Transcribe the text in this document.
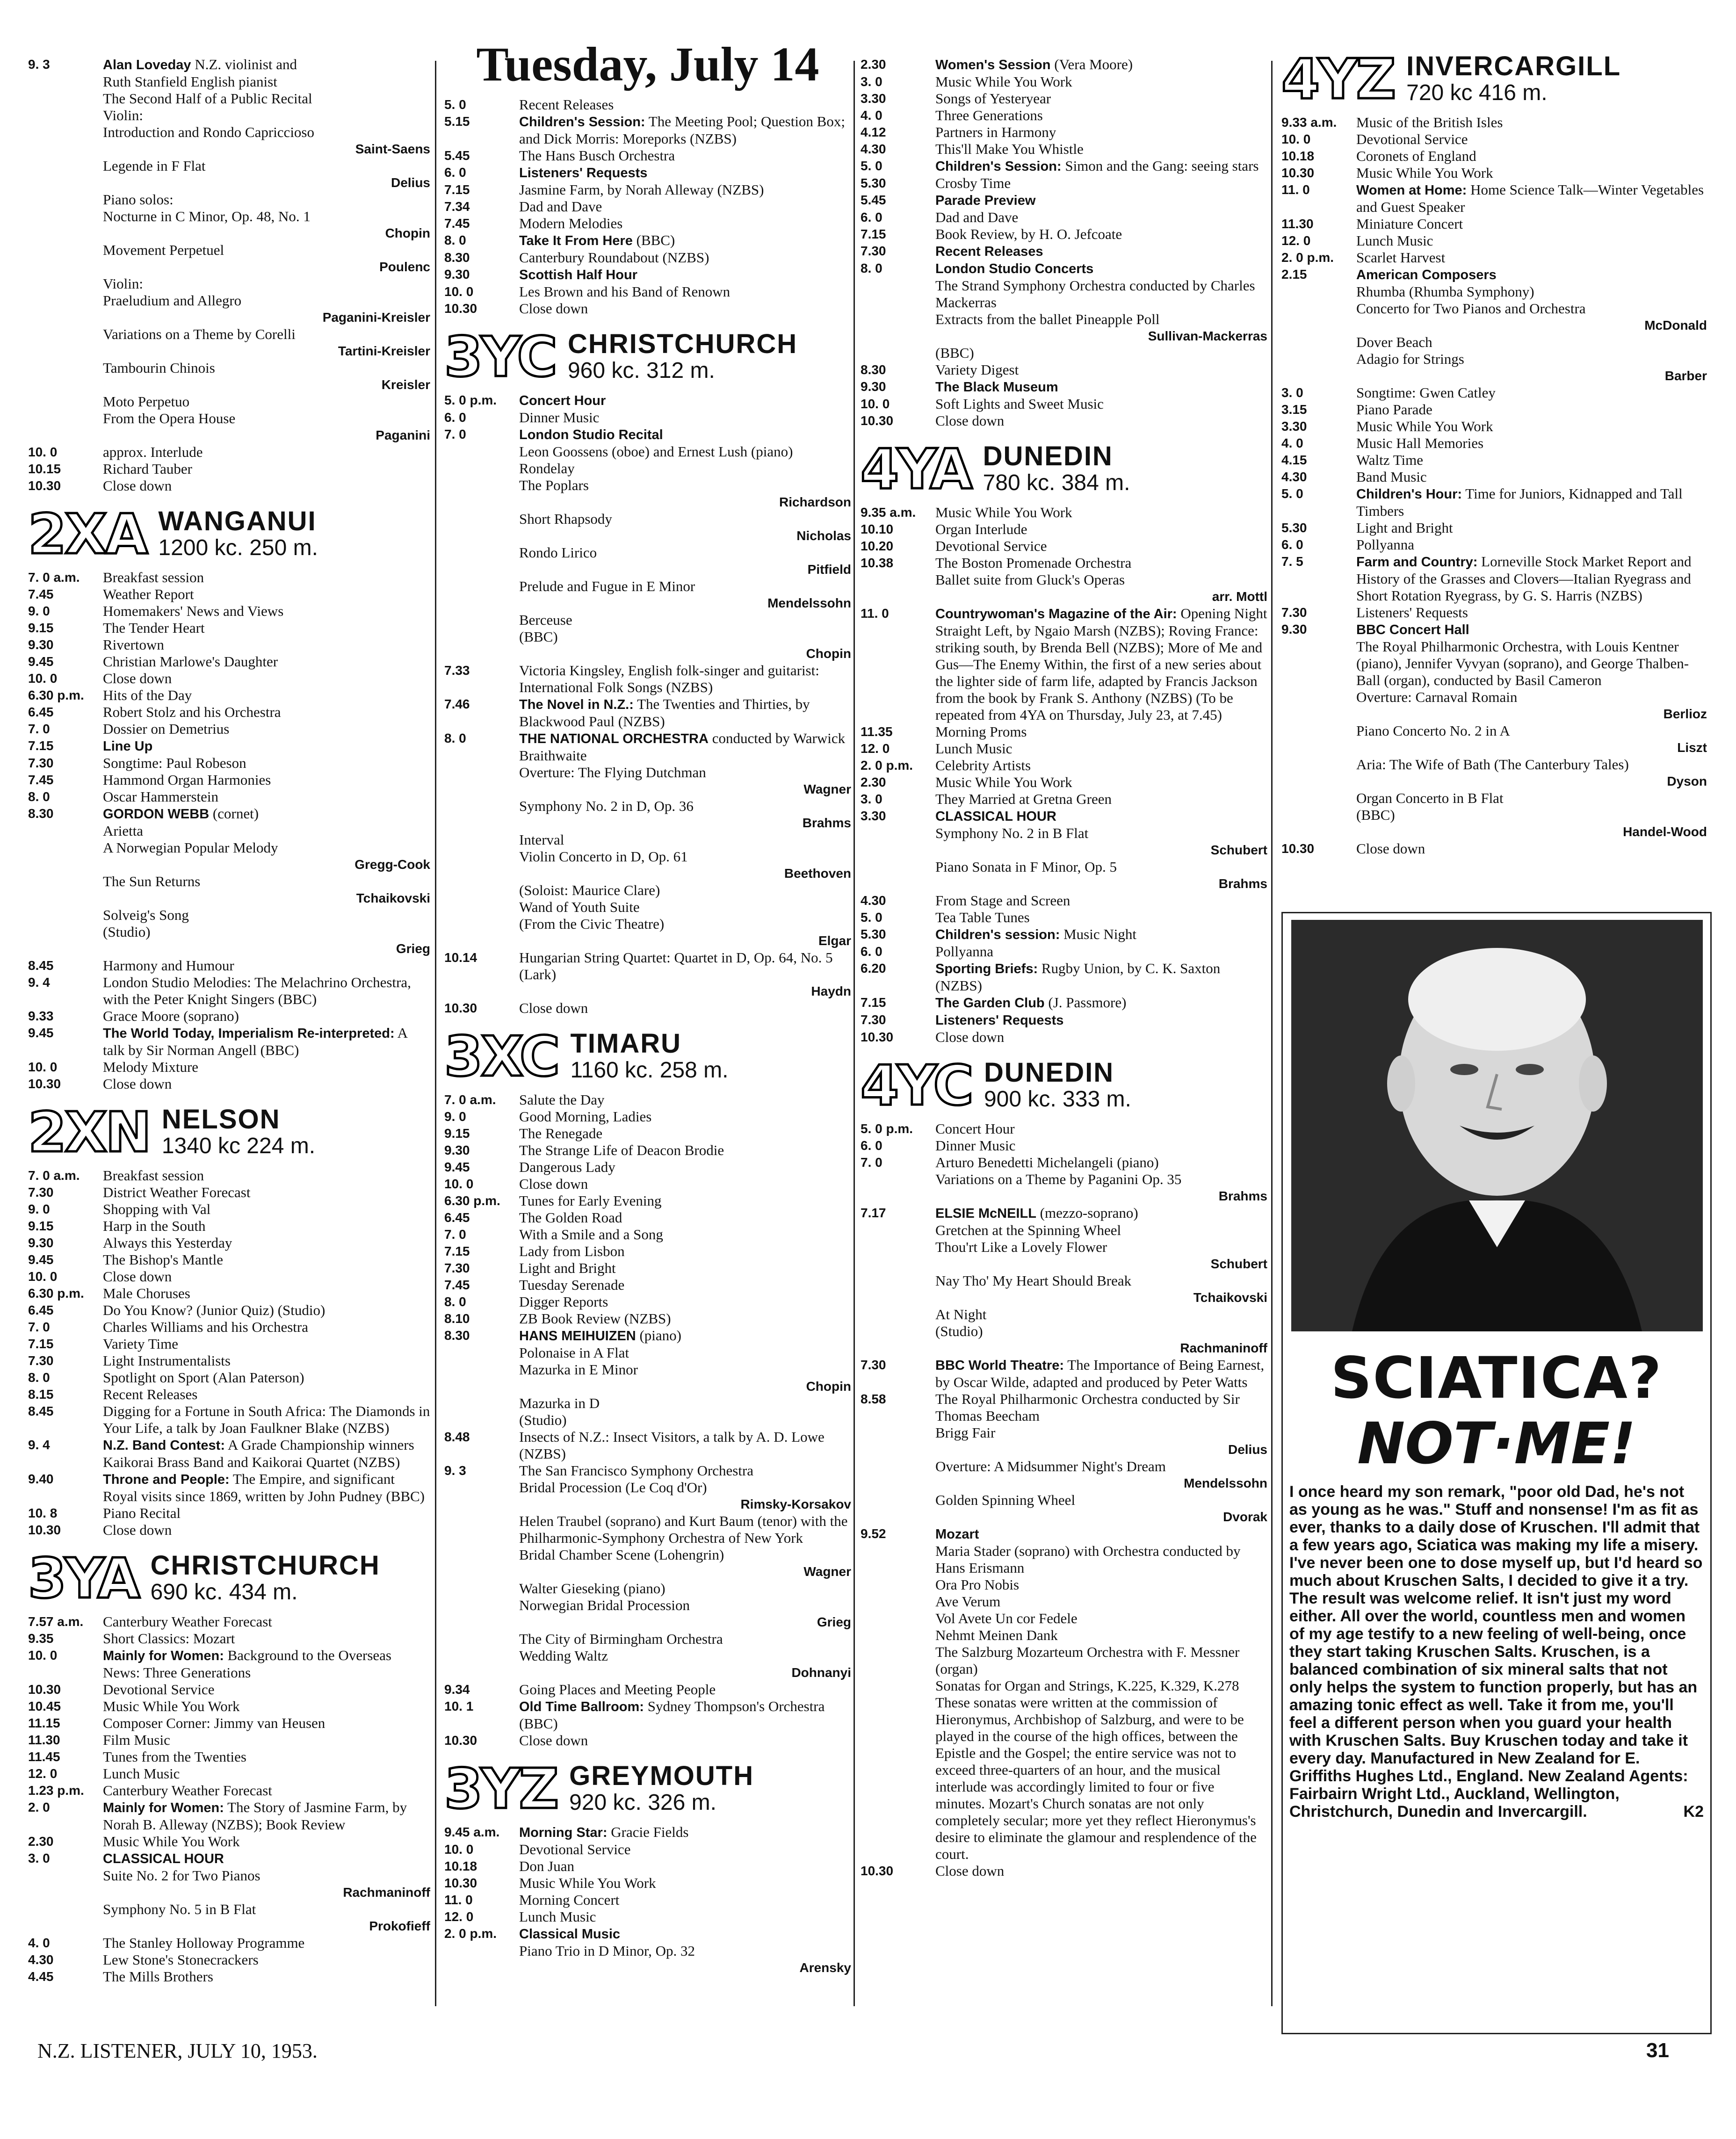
9. 3	Alan Loveday N.Z. violinist and
Ruth Stanfield English pianist
The Second Half of a Public Recital
Violin:
Introduction and Rondo Capriccioso
Saint-Saens
Legende in F Flat
Delius
Piano solos:
Nocturne in C Minor, Op. 48, No. 1
Chopin
Movement Perpetuel
Poulenc
Violin:
Praeludium and Allegro
Paganini-Kreisler
Variations on a Theme by Corelli
Tartini-Kreisler
Tambourin Chinois
Kreisler
Moto Perpetuo
From the Opera House
Paganini
10. 0	approx. Interlude
10.15	Richard Tauber
10.30	Close down
2XA WANGANUI
1200 kc. 250 m.
7. 0 a.m. Breakfast session
7.45	Weather Report
9. 0	Homemakers' News and Views
9.15	The Tender Heart
9.30	Rivertown
9.45	Christian Marlowe's Daughter
10. 0	Close down
6.30 p.m. Hits of the Day
6.45	Robert Stolz and his Orchestra
7. 0	Dossier on Demetrius
7.15	Line Up
7.30	Songtime: Paul Robeson
7.45	Hammond Organ Harmonies
8. 0	Oscar Hammerstein
8.30	GORDON WEBB (cornet)
Arietta
A Norwegian Popular Melody
Gregg-Cook
The Sun Returns
Tchaikovski
Solveig's Song
(Studio)
Grieg
8.45	Harmony and Humour
9. 4	London Studio Melodies: The Melachrino Orchestra, with the Peter Knight Singers (BBC)
9.33	Grace Moore (soprano)
9.45	The World Today, Imperialism Re-interpreted: A talk by Sir Norman Angell (BBC)
10. 0	Melody Mixture
10.30	Close down
2XN NELSON
1340 kc 224 m.
7. 0 a.m. Breakfast session
7.30	District Weather Forecast
9. 0	Shopping with Val
9.15	Harp in the South
9.30	Always this Yesterday
9.45	The Bishop's Mantle
10. 0	Close down
6.30 p.m. Male Choruses
6.45	Do You Know? (Junior Quiz) (Studio)
7. 0	Charles Williams and his Orchestra
7.15	Variety Time
7.30	Light Instrumentalists
8. 0	Spotlight on Sport (Alan Paterson)
8.15	Recent Releases
8.45	Digging for a Fortune in South Africa: The Diamonds in Your Life, a talk by Joan Faulkner Blake (NZBS)
9. 4	N.Z. Band Contest: A Grade Championship winners Kaikorai Brass Band and Kaikorai Quartet (NZBS)
9.40	Throne and People: The Empire, and significant Royal visits since 1869, written by John Pudney (BBC)
10. 8	Piano Recital
10.30	Close down
3YA CHRISTCHURCH
690 kc. 434 m.
7.57 a.m. Canterbury Weather Forecast
9.35	Short Classics: Mozart
10. 0	Mainly for Women: Background to the Overseas News: Three Generations
10.30	Devotional Service
10.45	Music While You Work
11.15	Composer Corner: Jimmy van Heusen
11.30	Film Music
11.45	Tunes from the Twenties
12. 0	Lunch Music
1.23 p.m. Canterbury Weather Forecast
2. 0	Mainly for Women: The Story of Jasmine Farm, by Norah B. Alleway (NZBS); Book Review
2.30	Music While You Work
3. 0	CLASSICAL HOUR
Suite No. 2 for Two Pianos
Rachmaninoff
Symphony No. 5 in B Flat
Prokofieff
4. 0	The Stanley Holloway Programme
4.30	Lew Stone's Stonecrackers
4.45	The Mills Brothers
Tuesday, July 14
5. 0	Recent Releases
5.15	Children's Session: The Meeting Pool; Question Box; and Dick Morris: Moreporks (NZBS)
5.45	The Hans Busch Orchestra
6. 0	Listeners' Requests
7.15	Jasmine Farm, by Norah Alleway (NZBS)
7.34	Dad and Dave
7.45	Modern Melodies
8. 0	Take It From Here (BBC)
8.30	Canterbury Roundabout (NZBS)
9.30	Scottish Half Hour
10. 0	Les Brown and his Band of Renown
10.30	Close down
3YC CHRISTCHURCH
960 kc. 312 m.
5. 0 p.m. Concert Hour
6. 0	Dinner Music
7. 0	London Studio Recital
Leon Goossens (oboe) and Ernest Lush (piano)
Rondelay
The Poplars
Richardson
Short Rhapsody
Nicholas
Rondo Lirico
Pitfield
Prelude and Fugue in E Minor
Mendelssohn
Berceuse
(BBC)
Chopin
7.33	Victoria Kingsley, English folk-singer and guitarist: International Folk Songs (NZBS)
7.46	The Novel in N.Z.: The Twenties and Thirties, by Blackwood Paul (NZBS)
8. 0	THE NATIONAL ORCHESTRA conducted by Warwick Braithwaite
Overture: The Flying Dutchman
Wagner
Symphony No. 2 in D, Op. 36
Brahms
Interval
Violin Concerto in D, Op. 61
Beethoven
(Soloist: Maurice Clare)
Wand of Youth Suite
(From the Civic Theatre)
Elgar
10.14	Hungarian String Quartet: Quartet in D, Op. 64, No. 5 (Lark)
Haydn
10.30	Close down
3XC TIMARU
1160 kc. 258 m.
7. 0 a.m. Salute the Day
9. 0	Good Morning, Ladies
9.15	The Renegade
9.30	The Strange Life of Deacon Brodie
9.45	Dangerous Lady
10. 0	Close down
6.30 p.m. Tunes for Early Evening
6.45	The Golden Road
7. 0	With a Smile and a Song
7.15	Lady from Lisbon
7.30	Light and Bright
7.45	Tuesday Serenade
8. 0	Digger Reports
8.10	ZB Book Review (NZBS)
8.30	HANS MEIHUIZEN (piano)
Polonaise in A Flat
Mazurka in E Minor
Chopin
Mazurka in D
(Studio)
8.48	Insects of N.Z.: Insect Visitors, a talk by A. D. Lowe (NZBS)
9. 3	The San Francisco Symphony Orchestra
Bridal Procession (Le Coq d'Or)
Rimsky-Korsakov
Helen Traubel (soprano) and Kurt Baum (tenor) with the Philharmonic-Symphony Orchestra of New York
Bridal Chamber Scene (Lohengrin)
Wagner
Walter Gieseking (piano)
Norwegian Bridal Procession
Grieg
The City of Birmingham Orchestra
Wedding Waltz
Dohnanyi
9.34	Going Places and Meeting People
10. 1	Old Time Ballroom: Sydney Thompson's Orchestra (BBC)
10.30	Close down
3YZ GREYMOUTH
920 kc. 326 m.
9.45 a.m. Morning Star: Gracie Fields
10. 0	Devotional Service
10.18	Don Juan
10.30	Music While You Work
11. 0	Morning Concert
12. 0	Lunch Music
2. 0 p.m. Classical Music
Piano Trio in D Minor, Op. 32
Arensky
2.30	Women's Session (Vera Moore)
3. 0	Music While You Work
3.30	Songs of Yesteryear
4. 0	Three Generations
4.12	Partners in Harmony
4.30	This'll Make You Whistle
5. 0	Children's Session: Simon and the Gang: seeing stars
5.30	Crosby Time
5.45	Parade Preview
6. 0	Dad and Dave
7.15	Book Review, by H. O. Jefcoate
7.30	Recent Releases
8. 0	London Studio Concerts
The Strand Symphony Orchestra conducted by Charles Mackerras
Extracts from the ballet Pineapple Poll
Sullivan-Mackerras
(BBC)
8.30	Variety Digest
9.30	The Black Museum
10. 0	Soft Lights and Sweet Music
10.30	Close down
4YA DUNEDIN
780 kc. 384 m.
9.35 a.m. Music While You Work
10.10	Organ Interlude
10.20	Devotional Service
10.38	The Boston Promenade Orchestra
Ballet suite from Gluck's Operas
arr. Mottl
11. 0	Countrywoman's Magazine of the Air: Opening Night Straight Left, by Ngaio Marsh (NZBS); Roving France: striking south, by Brenda Bell (NZBS); More of Me and Gus—The Enemy Within, the first of a new series about the lighter side of farm life, adapted by Francis Jackson from the book by Frank S. Anthony (NZBS) (To be repeated from 4YA on Thursday, July 23, at 7.45)
11.35	Morning Proms
12. 0	Lunch Music
2. 0 p.m. Celebrity Artists
2.30	Music While You Work
3. 0	They Married at Gretna Green
3.30	CLASSICAL HOUR
Symphony No. 2 in B Flat
Schubert
Piano Sonata in F Minor, Op. 5
Brahms
4.30	From Stage and Screen
5. 0	Tea Table Tunes
5.30	Children's session: Music Night
6. 0	Pollyanna
6.20	Sporting Briefs: Rugby Union, by C. K. Saxton (NZBS)
7.15	The Garden Club (J. Passmore)
7.30	Listeners' Requests
10.30	Close down
4YC DUNEDIN
900 kc. 333 m.
5. 0 p.m. Concert Hour
6. 0	Dinner Music
7. 0	Arturo Benedetti Michelangeli (piano)
Variations on a Theme by Paganini Op. 35
Brahms
7.17	ELSIE McNEILL (mezzo-soprano)
Gretchen at the Spinning Wheel
Thou'rt Like a Lovely Flower
Schubert
Nay Tho' My Heart Should Break
Tchaikovski
At Night
(Studio)
Rachmaninoff
7.30	BBC World Theatre: The Importance of Being Earnest, by Oscar Wilde, adapted and produced by Peter Watts
8.58	The Royal Philharmonic Orchestra conducted by Sir Thomas Beecham
Brigg Fair
Delius
Overture: A Midsummer Night's Dream
Mendelssohn
Golden Spinning Wheel
Dvorak
9.52	Mozart
Maria Stader (soprano) with Orchestra conducted by Hans Erismann
Ora Pro Nobis
Ave Verum
Vol Avete Un cor Fedele
Nehmt Meinen Dank
The Salzburg Mozarteum Orchestra with F. Messner (organ)
Sonatas for Organ and Strings, K.225, K.329, K.278
These sonatas were written at the commission of Hieronymus, Archbishop of Salzburg, and were to be played in the course of the high offices, between the Epistle and the Gospel; the entire service was not to exceed three-quarters of an hour, and the musical interlude was accordingly limited to four or five minutes. Mozart's Church sonatas are not only completely secular; more yet they reflect Hieronymus's desire to eliminate the glamour and resplendence of the court.
10.30	Close down
4YZ INVERCARGILL
720 kc 416 m.
9.33 a.m. Music of the British Isles
10. 0	Devotional Service
10.18	Coronets of England
10.30	Music While You Work
11. 0	Women at Home: Home Science Talk—Winter Vegetables and Guest Speaker
11.30	Miniature Concert
12. 0	Lunch Music
2. 0 p.m. Scarlet Harvest
2.15	American Composers
Rhumba (Rhumba Symphony)
Concerto for Two Pianos and Orchestra
McDonald
Dover Beach
Adagio for Strings
Barber
3. 0	Songtime: Gwen Catley
3.15	Piano Parade
3.30	Music While You Work
4. 0	Music Hall Memories
4.15	Waltz Time
4.30	Band Music
5. 0	Children's Hour: Time for Juniors, Kidnapped and Tall Timbers
5.30	Light and Bright
6. 0	Pollyanna
7. 5	Farm and Country: Lorneville Stock Market Report and History of the Grasses and Clovers—Italian Ryegrass and Short Rotation Ryegrass, by G. S. Harris (NZBS)
7.30	Listeners' Requests
9.30	BBC Concert Hall
The Royal Philharmonic Orchestra, with Louis Kentner (piano), Jennifer Vyvyan (soprano), and George Thalben-Ball (organ), conducted by Basil Cameron
Overture: Carnaval Romain
Berlioz
Piano Concerto No. 2 in A
Liszt
Aria: The Wife of Bath (The Canterbury Tales)
Dyson
Organ Concerto in B Flat
(BBC)
Handel-Wood
10.30	Close down
SCIATICA?
NOT·ME!
I once heard my son remark, "poor old Dad, he's not as young as he was." Stuff and nonsense! I'm as fit as ever, thanks to a daily dose of Kruschen. I'll admit that a few years ago, Sciatica was making my life a misery. I've never been one to dose myself up, but I'd heard so much about Kruschen Salts, I decided to give it a try. The result was welcome relief. It isn't just my word either. All over the world, countless men and women of my age testify to a new feeling of well-being, once they start taking Kruschen Salts. Kruschen, is a balanced combination of six mineral salts that not only helps the system to function properly, but has an amazing tonic effect as well. Take it from me, you'll feel a different person when you guard your health with Kruschen Salts. Buy Kruschen today and take it every day. Manufactured in New Zealand for E. Griffiths Hughes Ltd., England. New Zealand Agents: Fairbairn Wright Ltd., Auckland, Wellington, Christchurch, Dunedin and Invercargill.	K2
N.Z. LISTENER, JULY 10, 1953.	31
